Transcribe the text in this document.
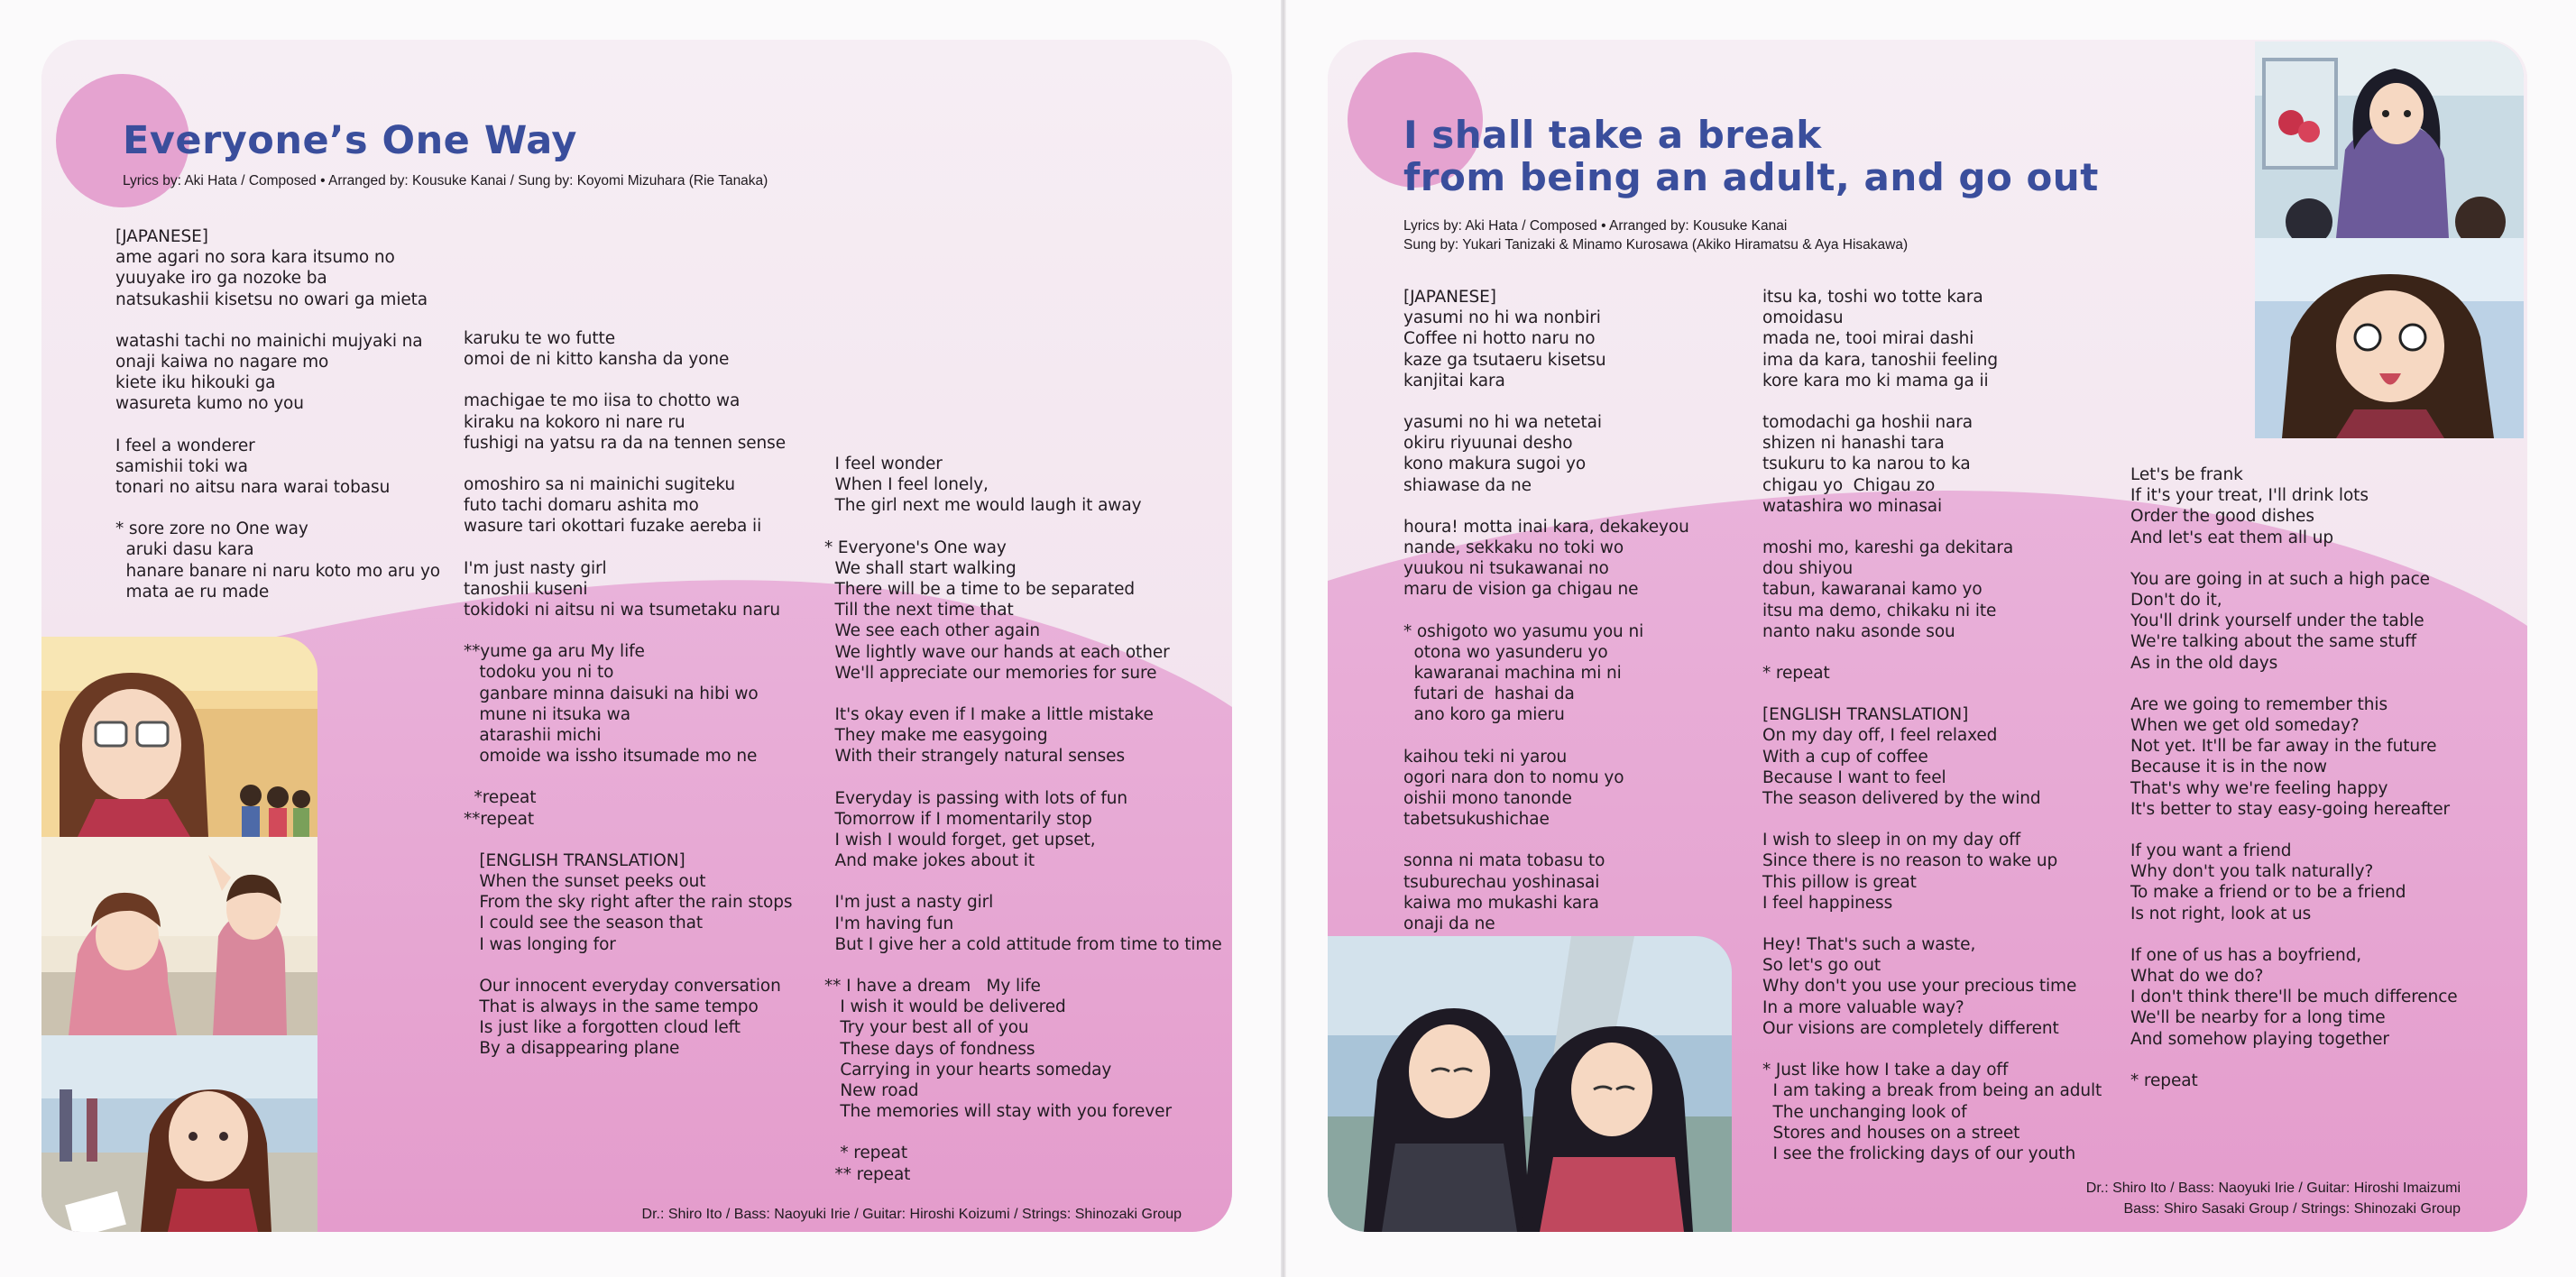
Everyone’s One Way
Lyrics by: Aki Hata / Composed • Arranged by: Kousuke Kanai / Sung by: Koyomi Mizuhara (Rie Tanaka)
[JAPANESE]
ame agari no sora kara itsumo no
yuuyake iro ga nozoke ba
natsukashii kisetsu no owari ga mieta
watashi tachi no mainichi mujyaki na
onaji kaiwa no nagare mo
kiete iku hikouki ga
wasureta kumo no you
I feel a wonderer
samishii toki wa
tonari no aitsu nara warai tobasu
* sore zore no One way
aruki dasu kara
hanare banare ni naru koto mo aru yo
mata ae ru made
karuku te wo futte
omoi de ni kitto kansha da yone
machigae te mo iisa to chotto wa
kiraku na kokoro ni nare ru
fushigi na yatsu ra da na tennen sense
omoshiro sa ni mainichi sugiteku
futo tachi domaru ashita mo
wasure tari okottari fuzake aereba ii
I'm just nasty girl
tanoshii kuseni
tokidoki ni aitsu ni wa tsumetaku naru
**yume ga aru My life
todoku you ni to
ganbare minna daisuki na hibi wo
mune ni itsuka wa
atarashii michi
omoide wa issho itsumade mo ne
*repeat
**repeat
[ENGLISH TRANSLATION]
When the sunset peeks out
From the sky right after the rain stops
I could see the season that
I was longing for
Our innocent everyday conversation
That is always in the same tempo
Is just like a forgotten cloud left
By a disappearing plane
I feel wonder
When I feel lonely,
The girl next me would laugh it away
* Everyone's One way
We shall start walking
There will be a time to be separated
Till the next time that
We see each other again
We lightly wave our hands at each other
We'll appreciate our memories for sure
It's okay even if I make a little mistake
They make me easygoing
With their strangely natural senses
Everyday is passing with lots of fun
Tomorrow if I momentarily stop
I wish I would forget, get upset,
And make jokes about it
I'm just a nasty girl
I'm having fun
But I give her a cold attitude from time to time
** I have a dream   My life
I wish it would be delivered
Try your best all of you
These days of fondness
Carrying in your hearts someday
New road
The memories will stay with you forever
* repeat
** repeat
Dr.: Shiro Ito / Bass: Naoyuki Irie / Guitar: Hiroshi Koizumi / Strings: Shinozaki Group
I shall take a break
from being an adult, and go out
Lyrics by: Aki Hata / Composed • Arranged by: Kousuke Kanai
Sung by: Yukari Tanizaki & Minamo Kurosawa (Akiko Hiramatsu & Aya Hisakawa)
[JAPANESE]
yasumi no hi wa nonbiri
Coffee ni hotto naru no
kaze ga tsutaeru kisetsu
kanjitai kara
yasumi no hi wa netetai
okiru riyuunai desho
kono makura sugoi yo
shiawase da ne
houra! motta inai kara, dekakeyou
nande, sekkaku no toki wo
yuukou ni tsukawanai no
maru de vision ga chigau ne
* oshigoto wo yasumu you ni
otona wo yasunderu yo
kawaranai machina mi ni
futari de  hashai da
ano koro ga mieru
kaihou teki ni yarou
ogori nara don to nomu yo
oishii mono tanonde
tabetsukushichae
sonna ni mata tobasu to
tsuburechau yoshinasai
kaiwa mo mukashi kara
onaji da ne
itsu ka, toshi wo totte kara
omoidasu
mada ne, tooi mirai dashi
ima da kara, tanoshii feeling
kore kara mo ki mama ga ii
tomodachi ga hoshii nara
shizen ni hanashi tara
tsukuru to ka narou to ka
chigau yo  Chigau zo
watashira wo minasai
moshi mo, kareshi ga dekitara
dou shiyou
tabun, kawaranai kamo yo
itsu ma demo, chikaku ni ite
nanto naku asonde sou
* repeat
[ENGLISH TRANSLATION]
On my day off, I feel relaxed
With a cup of coffee
Because I want to feel
The season delivered by the wind
I wish to sleep in on my day off
Since there is no reason to wake up
This pillow is great
I feel happiness
Hey! That's such a waste,
So let's go out
Why don't you use your precious time
In a more valuable way?
Our visions are completely different
* Just like how I take a day off
I am taking a break from being an adult
The unchanging look of
Stores and houses on a street
I see the frolicking days of our youth
Let's be frank
If it's your treat, I'll drink lots
Order the good dishes
And let's eat them all up
You are going in at such a high pace
Don't do it,
You'll drink yourself under the table
We're talking about the same stuff
As in the old days
Are we going to remember this
When we get old someday?
Not yet. It'll be far away in the future
Because it is in the now
That's why we're feeling happy
It's better to stay easy-going hereafter
If you want a friend
Why don't you talk naturally?
To make a friend or to be a friend
Is not right, look at us
If one of us has a boyfriend,
What do we do?
I don't think there'll be much difference
We'll be nearby for a long time
And somehow playing together
* repeat
Dr.: Shiro Ito / Bass: Naoyuki Irie / Guitar: Hiroshi Imaizumi
Bass: Shiro Sasaki Group / Strings: Shinozaki Group
